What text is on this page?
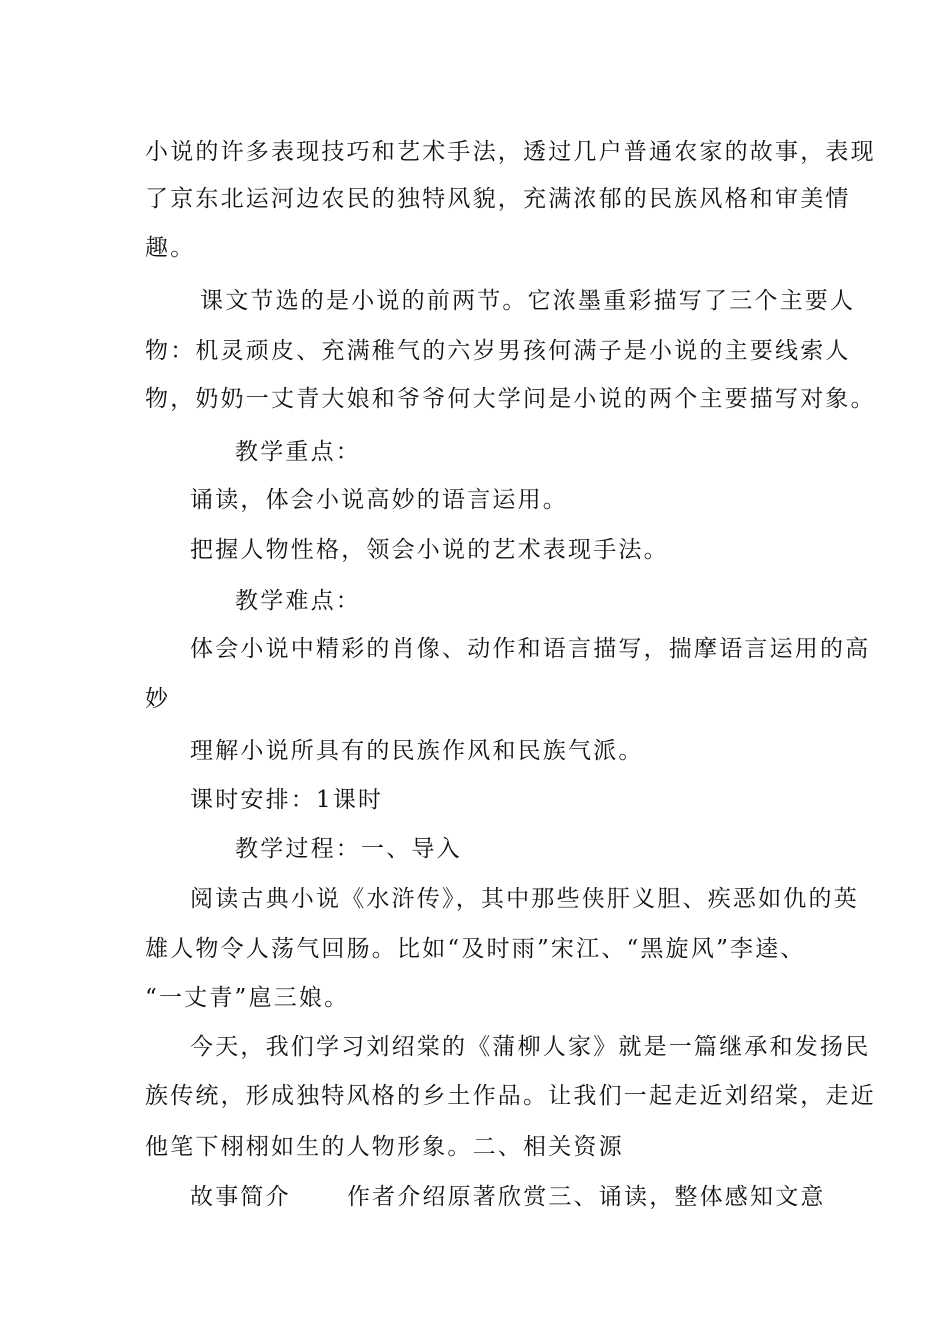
小说的许多表现技巧和艺术手法，透过几户普通农家的故事，表现
了京东北运河边农民的独特风貌，充满浓郁的民族风格和审美情
趣。
课文节选的是小说的前两节。它浓墨重彩描写了三个主要人
物：机灵顽皮、充满稚气的六岁男孩何满子是小说的主要线索人
物，奶奶一丈青大娘和爷爷何大学问是小说的两个主要描写对象。
教学重点：
诵读，体会小说高妙的语言运用。
把握人物性格，领会小说的艺术表现手法。
教学难点：
体会小说中精彩的肖像、动作和语言描写，揣摩语言运用的高
妙
理解小说所具有的民族作风和民族气派。
课时安排：1课时
教学过程：一、导入
阅读古典小说《水浒传》，其中那些侠肝义胆、疾恶如仇的英
雄人物令人荡气回肠。比如“及时雨”宋江、“黑旋风”李逵、
“一丈青”扈三娘。
今天，我们学习刘绍棠的《蒲柳人家》就是一篇继承和发扬民
族传统，形成独特风格的乡土作品。让我们一起走近刘绍棠，走近
他笔下栩栩如生的人物形象。二、相关资源
故事简介 作者介绍原著欣赏三、诵读，整体感知文意
